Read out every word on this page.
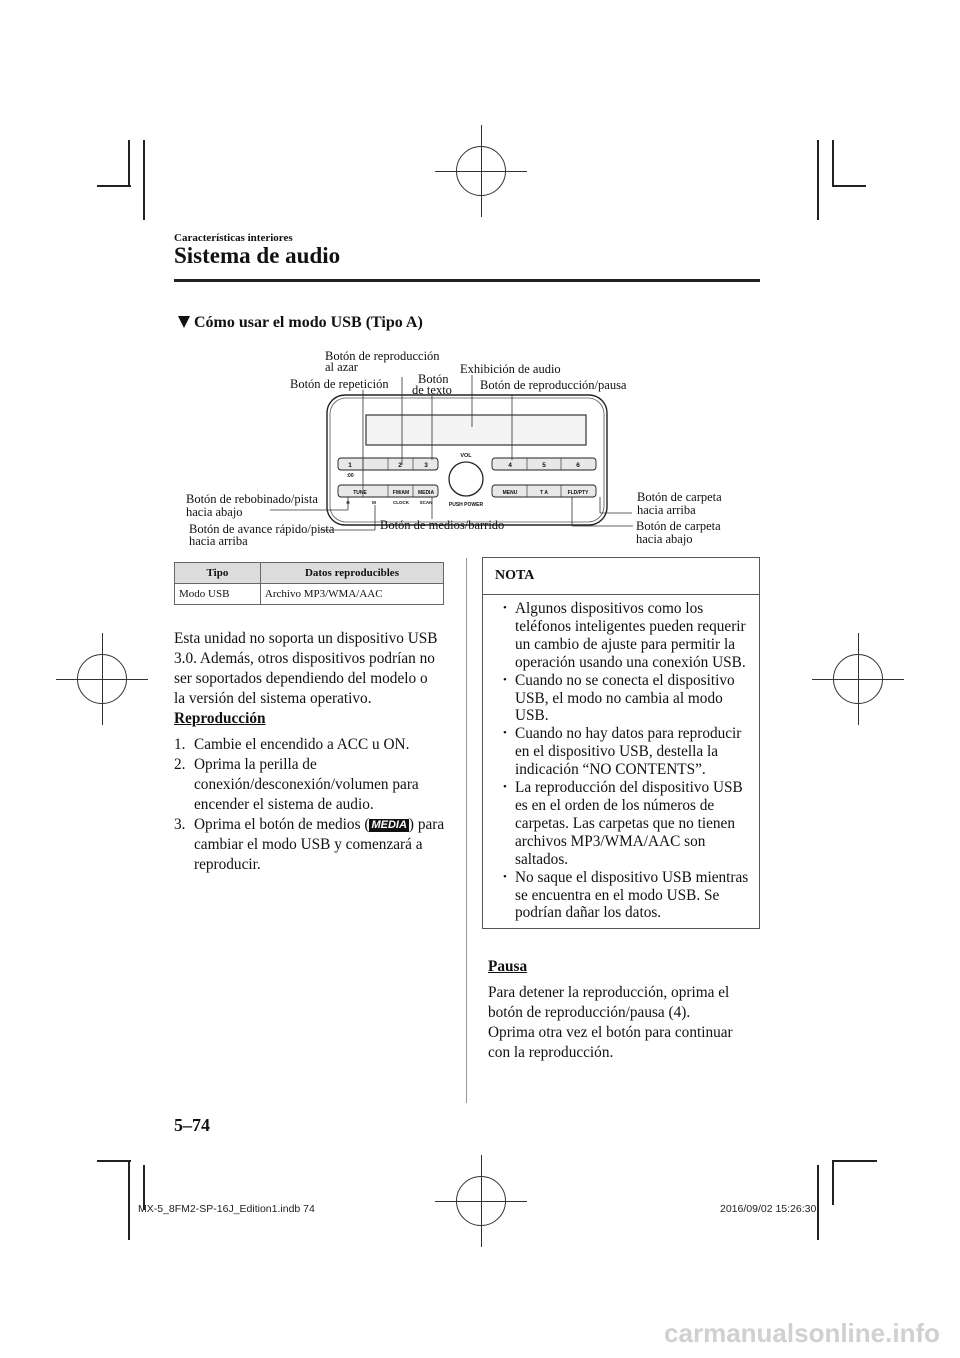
Características interiores
Sistema de audio
Cómo usar el modo USB (Tipo A)
1	2	3	4	5	6
:00
VOL
PUSH POWER
TUNE	FM/AM MEDIA	MENU	T A	FLD/PTY
H	M	CLOCK SCAN
Botón de repetición
Botón de reproducción
al azar
Botón
de texto
Exhibición de audio
Botón de reproducción/pausa
Botón de rebobinado/pista
hacia abajo
Botón de avance rápido/pista
hacia arriba
Botón de medios/barrido
Botón de carpeta
hacia arriba
Botón de carpeta
hacia abajo
Tipo	Datos reproducibles
Modo USB	Archivo MP3/WMA/AAC
Esta unidad no soporta un dispositivo USB
3.0. Además, otros dispositivos podrían no
ser soportados dependiendo del modelo o
la versión del sistema operativo.
Reproducción
1. Cambie el encendido a ACC u ON.
2. Oprima la perilla de conexión/desconexión/volumen para encender el sistema de audio.
3. Oprima el botón de medios ( MEDIA ) para cambiar el modo USB y comenzará a reproducir.
NOTA
• Algunos dispositivos como los teléfonos inteligentes pueden requerir un cambio de ajuste para permitir la operación usando una conexión USB.
• Cuando no se conecta el dispositivo USB, el modo no cambia al modo USB.
• Cuando no hay datos para reproducir en el dispositivo USB, destella la indicación “NO CONTENTS”.
• La reproducción del dispositivo USB es en el orden de los números de carpetas. Las carpetas que no tienen archivos MP3/WMA/AAC son saltados.
• No saque el dispositivo USB mientras se encuentra en el modo USB. Se podrían dañar los datos.
Pausa
Para detener la reproducción, oprima el
botón de reproducción/pausa (4).
Oprima otra vez el botón para continuar
con la reproducción.
5–74
MX-5_8FM2-SP-16J_Edition1.indb 74	2016/09/02 15:26:30
carmanualsonline.info
